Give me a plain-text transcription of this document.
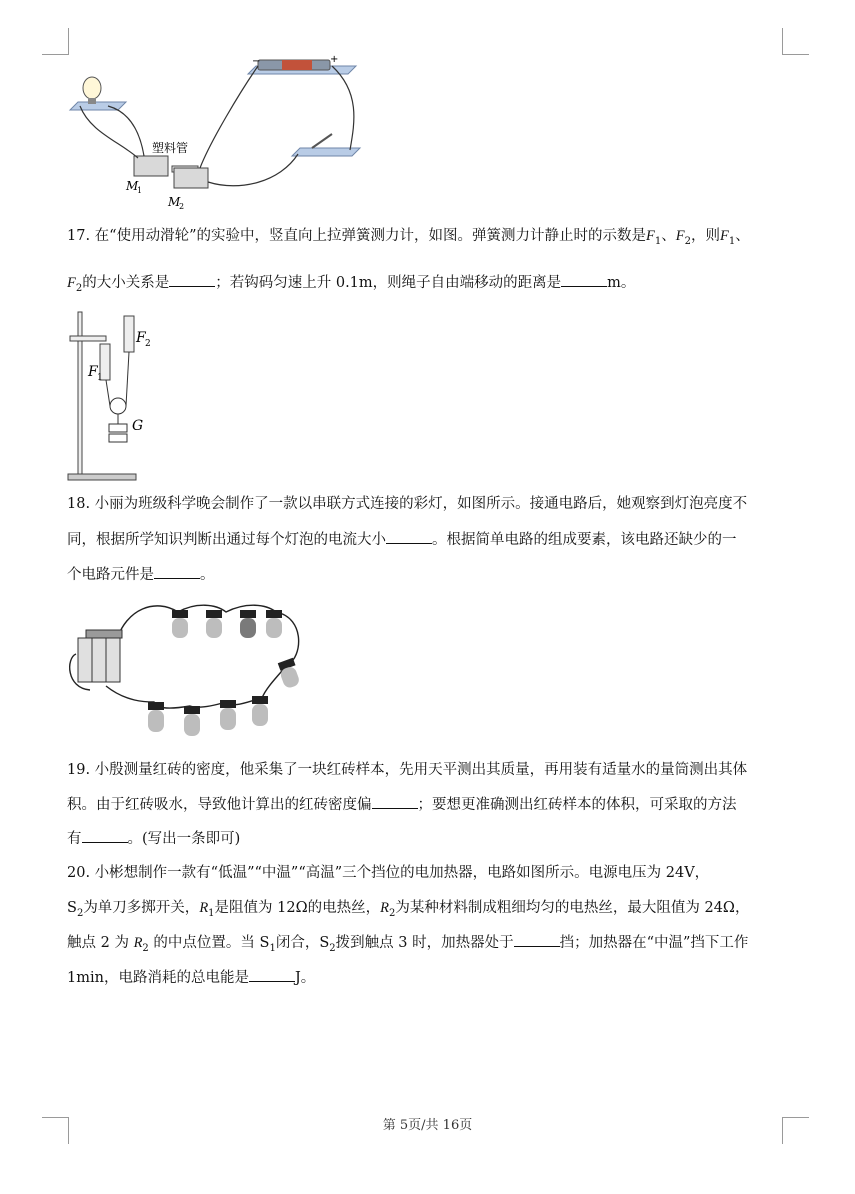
−	+
塑料管
M
1
M
2
17. 在“使用动滑轮”的实验中，竖直向上拉弹簧测力计，如图。弹簧测力计静止时的示数是$F_1$、$F_2$，则$F_1$、
$F_2$的大小关系是	；若钩码匀速上升 0.1m，则绳子自由端移动的距离是	m。
F 2
F 1
G
18. 小丽为班级科学晚会制作了一款以串联方式连接的彩灯，如图所示。接通电路后，她观察到灯泡亮度不
同，根据所学知识判断出通过每个灯泡的电流大小	。根据简单电路的组成要素，该电路还缺少的一
个电路元件是	。
19. 小殷测量红砖的密度，他采集了一块红砖样本，先用天平测出其质量，再用装有适量水的量筒测出其体
积。由于红砖吸水，导致他计算出的红砖密度偏	；要想更准确测出红砖样本的体积，可采取的方法
有	。(写出一条即可)
20. 小彬想制作一款有“低温”“中温”“高温”三个挡位的电加热器，电路如图所示。电源电压为 24V，
$S_2$为单刀多掷开关，$R_1$是阻值为 12Ω的电热丝，$R_2$为某种材料制成粗细均匀的电热丝，最大阻值为 24Ω，
触点 2 为 $R_2$ 的中点位置。当 $S_1$闭合，$S_2$拨到触点 3 时，加热器处于	挡；加热器在“中温”挡下工作
1min，电路消耗的总电能是	J。
第 5页/共 16页
